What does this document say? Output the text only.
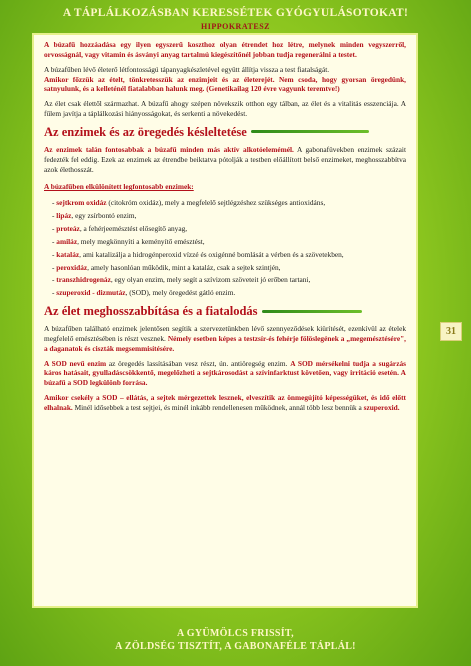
A TÁPLÁLKOZÁSBAN KERESSÉTEK GYÓGYULÁSOTOKAT!
HIPPOKRATESZ

A búzafű hozzáadása egy ilyen egyszerű koszthoz olyan étrendet hoz létre, melynek minden vegyszerről, orvosságnál, vagy vitamin és ásványi anyag tartalmú kiegészítőnél jobban tudja regenerálni a testet.

A búzafűben lévő életerő létfontosságú tápanyagkészletével együtt állítja vissza a test fiatalságát.

Amikor főzzük az ételt, tönkretesszük az enzimjeit és az életerejét. Nem csoda, hogy gyorsan öregedünk, satnyulunk, és a kelleténél fiatalabban halunk meg. (Genetikailag 120 évre vagyunk teremtve!)

Az élet csak élettől származhat. A búzafű ahogy szépen növekszik otthon egy tálban, az élet és a vitalitás esszenciája. A fűlem javítja a táplálkozási hiányosságokat, és serkenti a növekedést.

Az enzimek és az öregedés késleltetése

Az enzimek talán fontosabbak a búzafű minden más aktív alkotóelemémél. A gabonafüvekben enzimek százait fedezték fel eddig. Ezek az enzimek az étrendbe beiktatva pótolják a testben előállított belső enzimeket, meghosszabbítva azok élethosszát.

A búzafűben elkülönített legfontosabb enzimek:
- sejtkrom oxidáz (citokróm oxidáz), mely a megfelelő sejtlégzéshez szükséges antioxidáns,
- lipáz, egy zsírbontó enzim,
- proteáz, a fehérjeemésztést elősegítő anyag,
- amiláz, mely megkönnyíti a keményítő emésztést,
- kataláz, ami katalizálja a hidrogénperoxid vízzé és oxigénné bomlását a vérben és a szövetekben,
- peroxidáz, amely hasonlóan működik, mint a kataláz, csak a sejtek szintjén,
- transzhidrogenáz, egy olyan enzim, mely segít a szívizom szöveteit jó erőben tartani,
- szuperoxid - dizmutáz, (SOD), mely öregedést gátló enzim.
Az élet meghosszabbítása és a fiatalodás

A búzafűben található enzimek jelentősen segítik a szervezetünkben lévő szennyeződések kiürítését, ezenkívül az ételek megfelelő emésztésében is részt vesznek. Némely esetben képes a testzsír-és fehérje fölöslegének a „megemésztésére", a daganatok és ciszták megsemmisítésére.

A SOD nevű enzim az öregedés lassításában vesz részt, ún. antiöregség enzim. A SOD mérsékelni tudja a sugárzás káros hatásait, gyulladáscsökkentő, megelőzheti a sejtkárosodást a szívinfarktust követően, vagy irritáció esetén. A búzafű a SOD legkülönb forrása.

Amikor csekély a SOD – ellátás, a sejtek mérgezettek lesznek, elveszítik az önmegújító képességüket, és idő előtt elhalnak. Minél idősebbek a test sejtjei, és minél inkább rendellenesen működnek, annál több lesz bennük a szuperoxid.

31
A GYÜMÖLCS FRISSÍT,
A ZÖLDSÉG TISZTÍT, A GABONAFÉLE TÁPLÁL!
